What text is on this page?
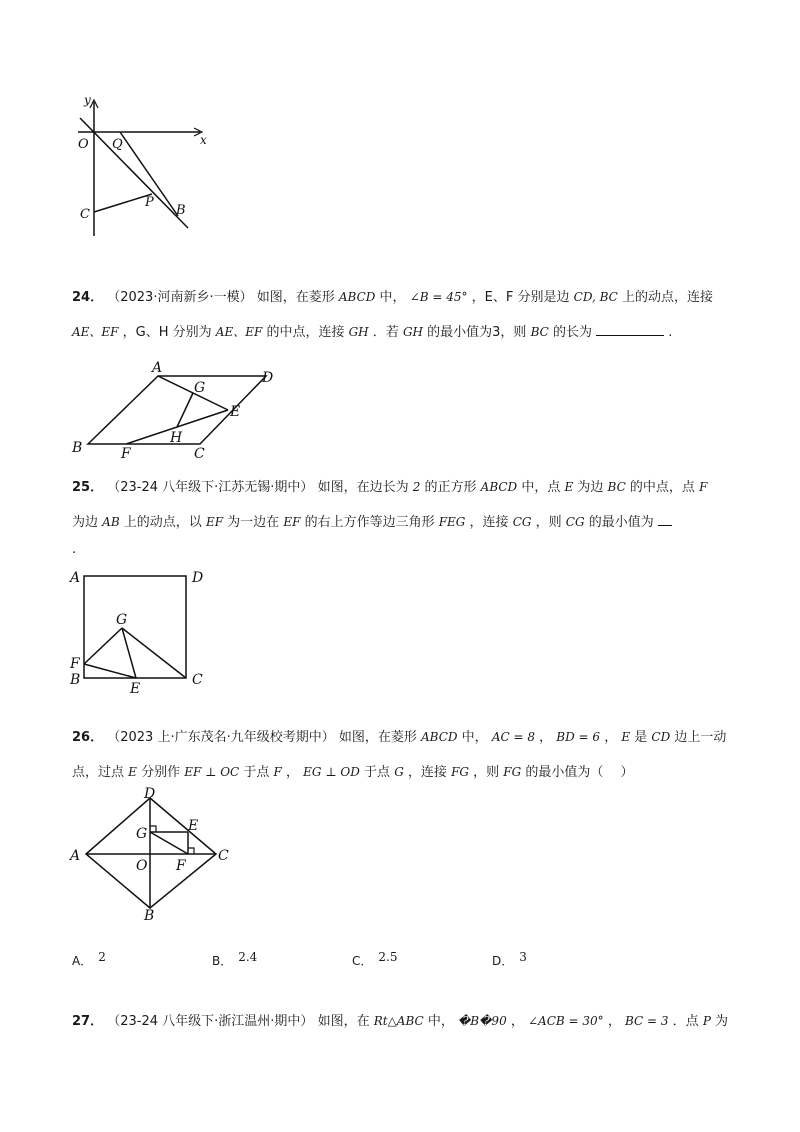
y
x
O Q
C
P
B
24． （2023·河南新乡·一模） 如图，在菱形 ABCD 中， ∠B = 45° ，E、F 分别是边 CD, BC 上的动点，连接
AE、EF ，G、H 分别为 AE、EF 的中点，连接 GH ．若 GH 的最小值为3，则 BC 的长为	.
A
G
D
E
H
B	F	C
25． （23-24 八年级下·江苏无锡·期中） 如图，在边长为 2 的正方形 ABCD 中，点 E 为边 BC 的中点，点 F
为边 AB 上的动点，以 EF 为一边在 EF 的右上方作等边三角形 FEG ，连接 CG ，则 CG 的最小值为
.
A	D
G
F
B
E
C
26． （2023 上·广东茂名·九年级校考期中） 如图，在菱形 ABCD 中， AC = 8 ， BD = 6 ， E 是 CD 边上一动
点，过点 E 分别作 EF ⊥ OC 于点 F ， EG ⊥ OD 于点 G ，连接 FG ，则 FG 的最小值为（　 ）
D
G	E
A
O F
C
B
A． 2	B． 2.4	C． 2.5	D． 3
27． （23-24 八年级下·浙江温州·期中） 如图，在 Rt△ABC 中， �B�90 ， ∠ACB = 30° ， BC = 3 ．点 P 为
